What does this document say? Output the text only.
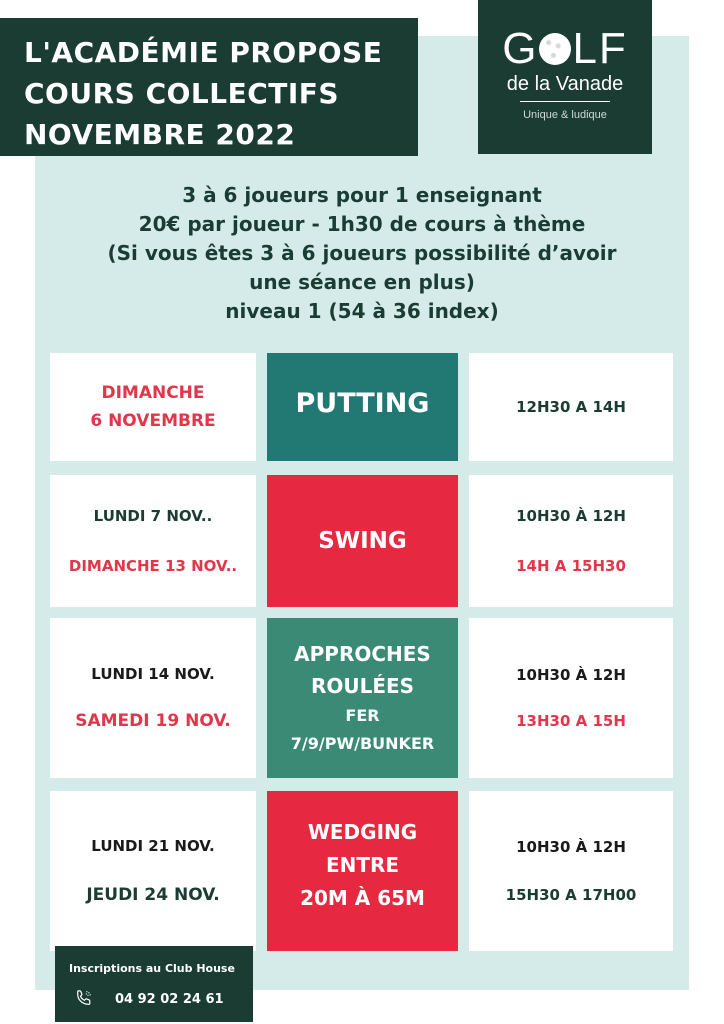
L'ACADÉMIE PROPOSE
COURS COLLECTIFS
NOVEMBRE 2022
G LF
de la Vanade
Unique & ludique
3 à 6 joueurs pour 1 enseignant
20€ par joueur - 1h30 de cours à thème
(Si vous êtes 3 à 6 joueurs possibilité d’avoir
une séance en plus)
niveau 1 (54 à 36 index)
DIMANCHE
6 NOVEMBRE
PUTTING	12H30 A 14H
LUNDI 7 NOV..
DIMANCHE 13 NOV..
SWING
10H30 À 12H
14H A 15H30
LUNDI 14 NOV.
SAMEDI 19 NOV.
APPROCHES
ROULÉES
FER
7/9/PW/BUNKER
10H30 À 12H
13H30 A 15H
LUNDI 21 NOV.
JEUDI 24 NOV.
WEDGING
ENTRE
20M À 65M
10H30 À 12H
15H30 A 17H00
Inscriptions au Club House
04 92 02 24 61
